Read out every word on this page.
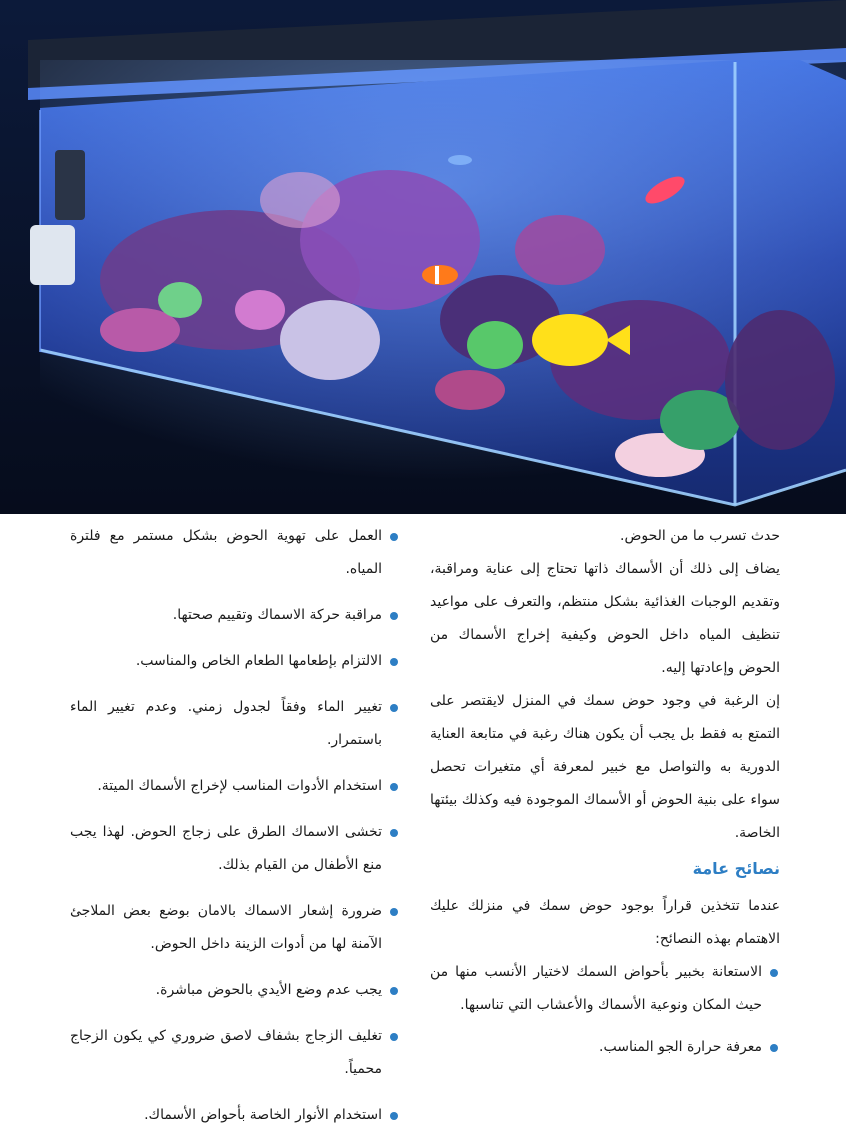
حدث تسرب ما من الحوض.

يضاف إلى ذلك أن الأسماك ذاتها تحتاج إلى عناية ومراقبة، وتقديم الوجبات الغذائية بشكل منتظم، والتعرف على مواعيد تنظيف المياه داخل الحوض وكيفية إخراج الأسماك من الحوض وإعادتها إليه.

إن الرغبة في وجود حوض سمك في المنزل لايقتصر على التمتع به فقط بل يجب أن يكون هناك رغبة في متابعة العناية الدورية به والتواصل مع خبير لمعرفة أي متغيرات تحصل سواء على بنية الحوض أو الأسماك الموجودة فيه وكذلك بيئتها الخاصة.

نصائح عامة

عندما تتخذين قراراً بوجود حوض سمك في منزلك عليك الاهتمام بهذه النصائح:

الاستعانة بخبير بأحواض السمك لاختيار الأنسب منها من حيث المكان ونوعية الأسماك والأعشاب التي تناسبها.
معرفة حرارة الجو المناسب.
العمل على تهوية الحوض بشكل مستمر مع فلترة المياه.
مراقبة حركة الاسماك وتقييم صحتها.
الالتزام بإطعامها الطعام الخاص والمناسب.
تغيير الماء وفقاً لجدول زمني. وعدم تغيير الماء باستمرار.
استخدام الأدوات المناسب لإخراج الأسماك الميتة.
تخشى الاسماك الطرق على زجاج الحوض. لهذا يجب منع الأطفال من القيام بذلك.
ضرورة إشعار الاسماك بالامان بوضع بعض الملاجئ الآمنة لها من أدوات الزينة داخل الحوض.
يجب عدم وضع الأيدي بالحوض مباشرة.
تغليف الزجاج بشفاف لاصق ضروري كي يكون الزجاج محمياً.
استخدام الأنوار الخاصة بأحواض الأسماك.
